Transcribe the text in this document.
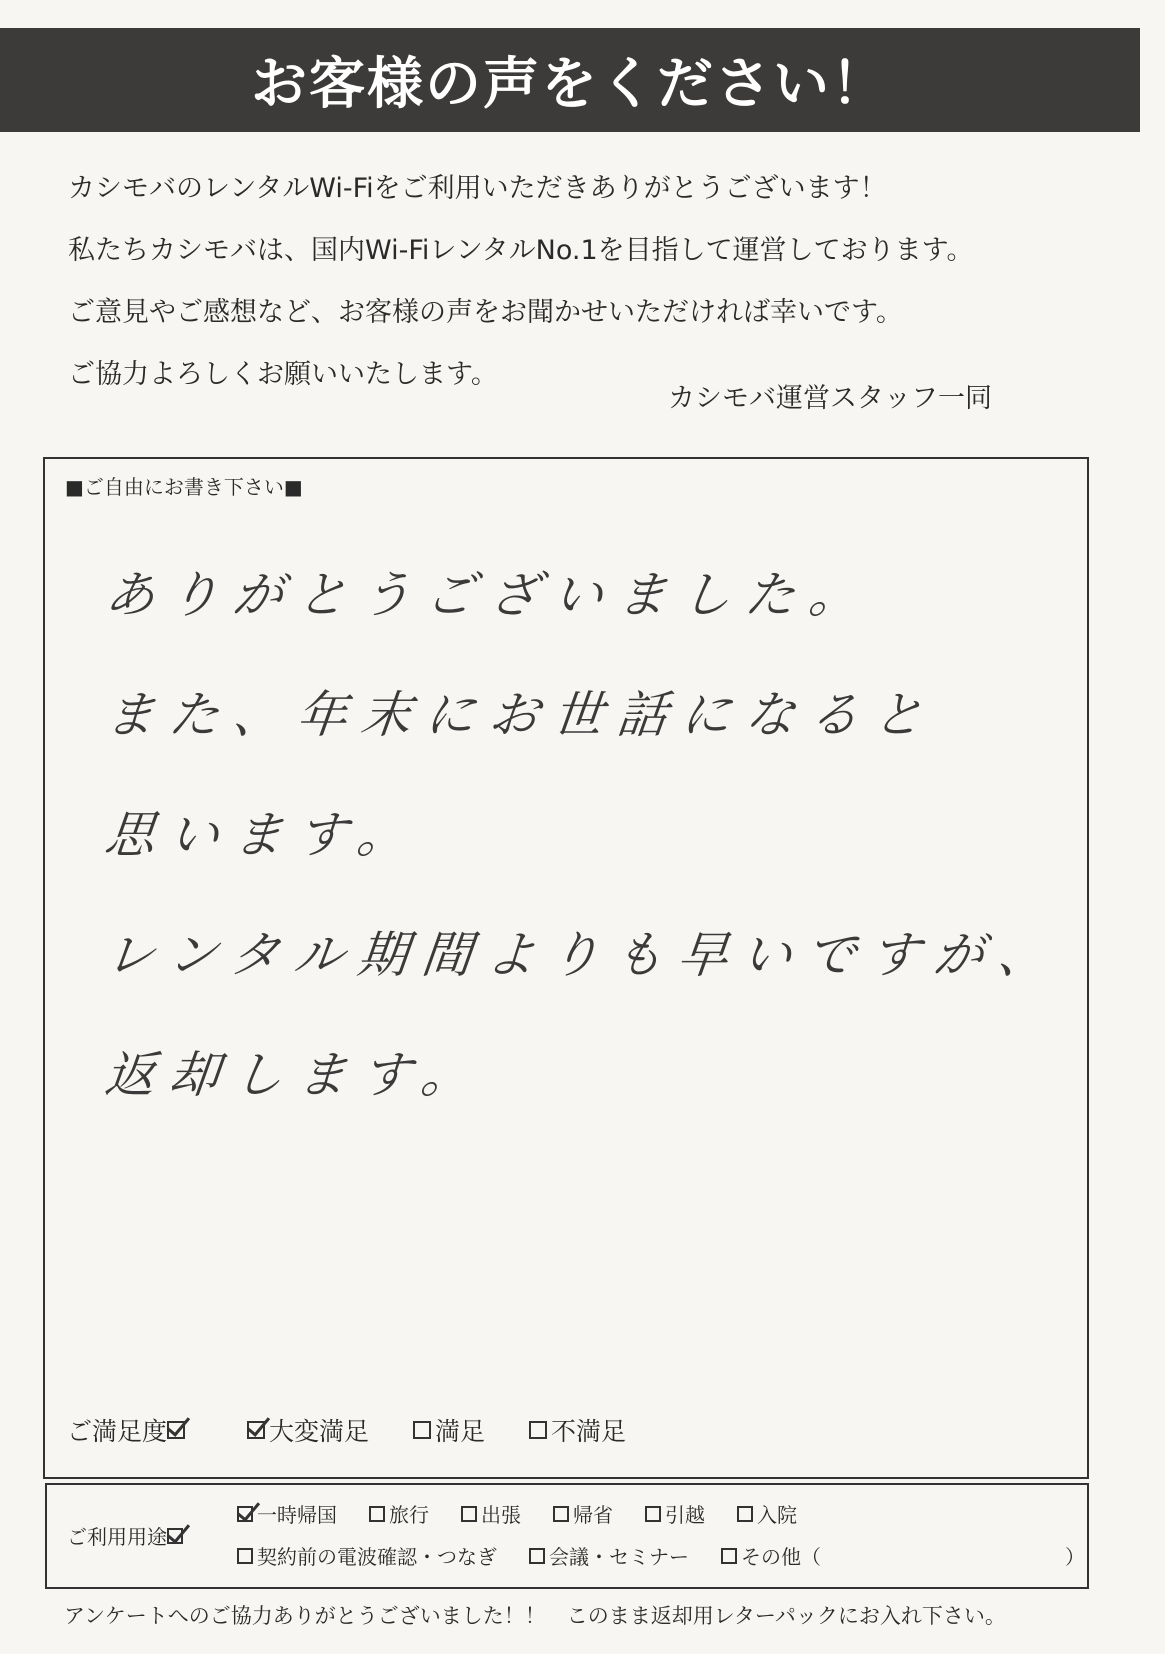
お客様の声をください！
カシモバのレンタルWi-Fiをご利用いただきありがとうございます！
私たちカシモバは、国内Wi-FiレンタルNo.1を目指して運営しております。
ご意見やご感想など、お客様の声をお聞かせいただければ幸いです。
ご協力よろしくお願いいたします。
カシモバ運営スタッフ一同
■ご自由にお書き下さい■
ありがとうございました。
また、年末にお世話になると
思います。
レンタル期間よりも早いですが、
返却します。
ご満足度	大変満足	満足	不満足
ご利用用途
一時帰国	旅行	出張	帰省	引越	入院
契約前の電波確認・つなぎ	会議・セミナー	その他（	）
アンケートへのご協力ありがとうございました！！　このまま返却用レターパックにお入れ下さい。
